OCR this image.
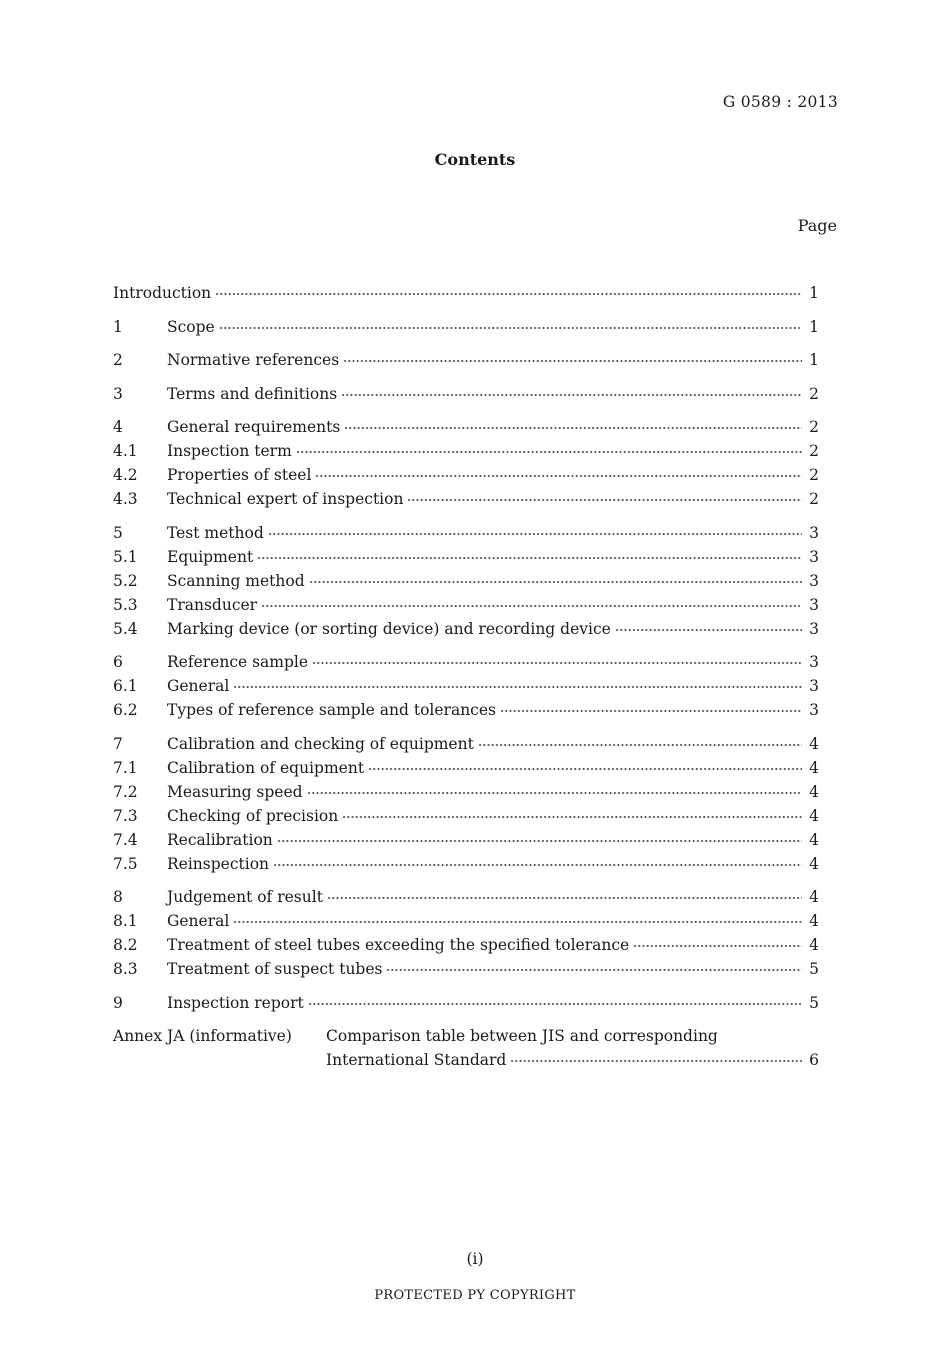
G 0589 : 2013
Contents
Page
Introduction	1
1	Scope	1
2	Normative references	1
3	Terms and definitions	2
4	General requirements	2
4.1	Inspection term	2
4.2	Properties of steel	2
4.3	Technical expert of inspection	2
5	Test method	3
5.1	Equipment	3
5.2	Scanning method	3
5.3	Transducer	3
5.4	Marking device (or sorting device) and recording device	3
6	Reference sample	3
6.1	General	3
6.2	Types of reference sample and tolerances	3
7	Calibration and checking of equipment	4
7.1	Calibration of equipment	4
7.2	Measuring speed	4
7.3	Checking of precision	4
7.4	Recalibration	4
7.5	Reinspection	4
8	Judgement of result	4
8.1	General	4
8.2	Treatment of steel tubes exceeding the specified tolerance	4
8.3	Treatment of suspect tubes	5
9	Inspection report	5
Annex JA (informative) Comparison table between JIS and corresponding
International Standard	6
(i)
PROTECTED PY COPYRIGHT
